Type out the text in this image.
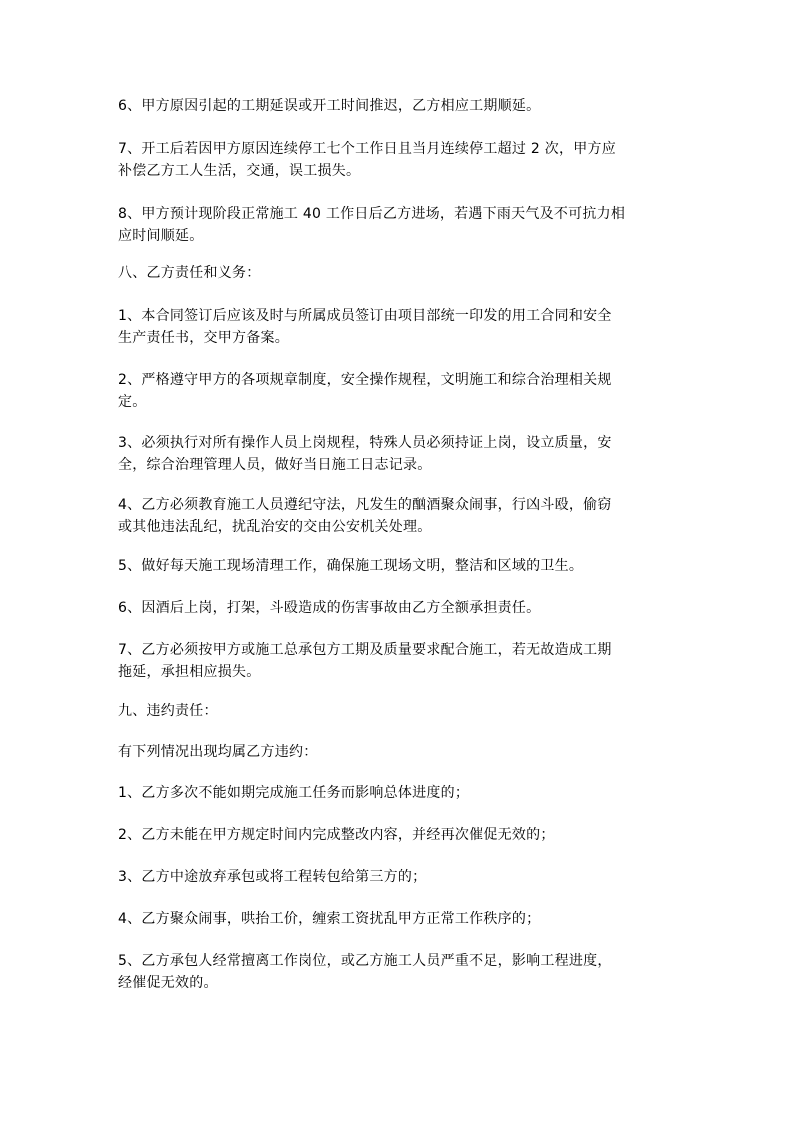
6、甲方原因引起的工期延误或开工时间推迟，乙方相应工期顺延。

7、开工后若因甲方原因连续停工七个工作日且当月连续停工超过 2 次，甲方应
补偿乙方工人生活，交通，误工损失。

8、甲方预计现阶段正常施工 40 工作日后乙方进场，若遇下雨天气及不可抗力相
应时间顺延。

八、乙方责任和义务：

1、本合同签订后应该及时与所属成员签订由项目部统一印发的用工合同和安全
生产责任书，交甲方备案。

2、严格遵守甲方的各项规章制度，安全操作规程，文明施工和综合治理相关规
定。

3、必须执行对所有操作人员上岗规程，特殊人员必须持证上岗，设立质量，安
全，综合治理管理人员，做好当日施工日志记录。

4、乙方必须教育施工人员遵纪守法，凡发生的酗酒聚众闹事，行凶斗殴，偷窃
或其他违法乱纪，扰乱治安的交由公安机关处理。

5、做好每天施工现场清理工作，确保施工现场文明，整洁和区域的卫生。

6、因酒后上岗，打架，斗殴造成的伤害事故由乙方全额承担责任。

7、乙方必须按甲方或施工总承包方工期及质量要求配合施工，若无故造成工期
拖延，承担相应损失。

九、违约责任：

有下列情况出现均属乙方违约：

1、乙方多次不能如期完成施工任务而影响总体进度的；

2、乙方未能在甲方规定时间内完成整改内容，并经再次催促无效的；

3、乙方中途放弃承包或将工程转包给第三方的；

4、乙方聚众闹事，哄抬工价，缠索工资扰乱甲方正常工作秩序的；

5、乙方承包人经常擅离工作岗位，或乙方施工人员严重不足，影响工程进度，
经催促无效的。
